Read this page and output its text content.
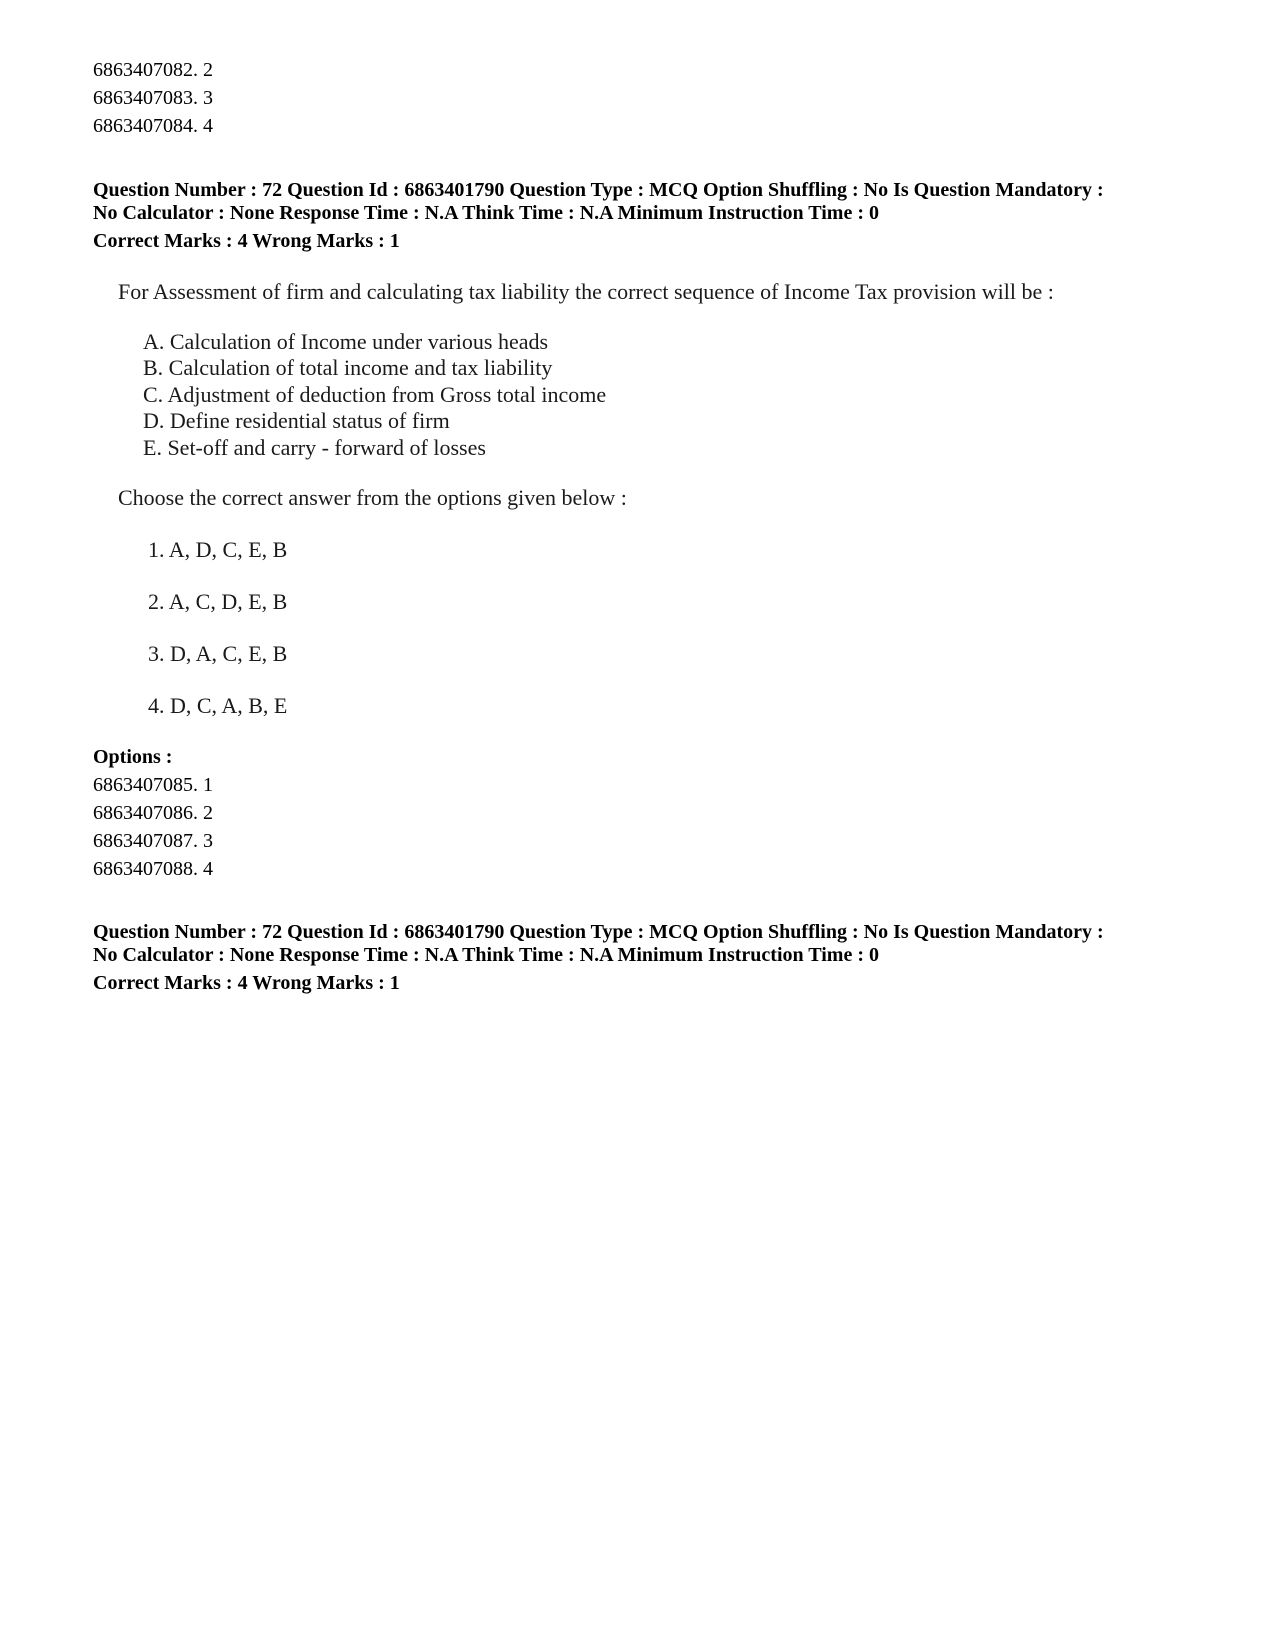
6863407082. 2
6863407083. 3
6863407084. 4
Question Number : 72 Question Id : 6863401790 Question Type : MCQ Option Shuffling : No Is Question Mandatory :
No Calculator : None Response Time : N.A Think Time : N.A Minimum Instruction Time : 0
Correct Marks : 4 Wrong Marks : 1
For Assessment of firm and calculating tax liability the correct sequence of Income Tax provision will be :
A. Calculation of Income under various heads
B. Calculation of total income and tax liability
C. Adjustment of deduction from Gross total income
D. Define residential status of firm
E. Set-off and carry - forward of losses
Choose the correct answer from the options given below :
1. A, D, C, E, B
2. A, C, D, E, B
3. D, A, C, E, B
4. D, C, A, B, E
Options :
6863407085. 1
6863407086. 2
6863407087. 3
6863407088. 4
Question Number : 72 Question Id : 6863401790 Question Type : MCQ Option Shuffling : No Is Question Mandatory :
No Calculator : None Response Time : N.A Think Time : N.A Minimum Instruction Time : 0
Correct Marks : 4 Wrong Marks : 1
